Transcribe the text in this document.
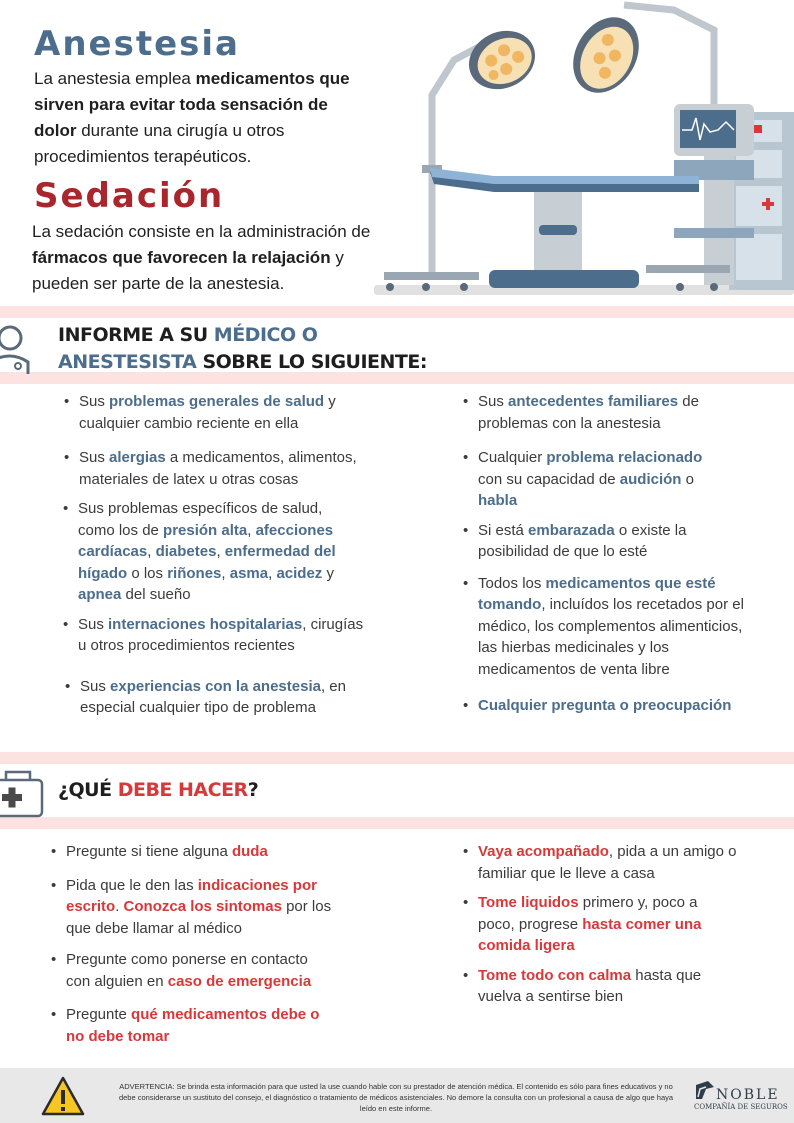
Anestesia
La anestesia emplea medicamentos que sirven para evitar toda sensación de dolor durante una cirugía u otros procedimientos terapéuticos.
Sedación
La sedación consiste en la administración de fármacos que favorecen la relajación y pueden ser parte de la anestesia.
INFORME A SU MÉDICO O
ANESTESISTA SOBRE LO SIGUIENTE:
• Sus problemas generales de salud y cualquier cambio reciente en ella
• Sus alergias a medicamentos, alimentos, materiales de latex u otras cosas
• Sus problemas específicos de salud, como los de presión alta, afecciones cardíacas, diabetes, enfermedad del hígado o los riñones, asma, acidez y apnea del sueño
• Sus internaciones hospitalarias, cirugías u otros procedimientos recientes
• Sus experiencias con la anestesia, en especial cualquier tipo de problema
• Sus antecedentes familiares de problemas con la anestesia
• Cualquier problema relacionado con su capacidad de audición o habla
• Si está embarazada o existe la posibilidad de que lo esté
• Todos los medicamentos que esté tomando, incluídos los recetados por el médico, los complementos alimenticios, las hierbas medicinales y los medicamentos de venta libre
• Cualquier pregunta o preocupación
¿QUÉ DEBE HACER?
• Pregunte si tiene alguna duda
• Pida que le den las indicaciones por escrito. Conozca los sintomas por los que debe llamar al médico
• Pregunte como ponerse en contacto con alguien en caso de emergencia
• Pregunte qué medicamentos debe o no debe tomar
• Vaya acompañado, pida a un amigo o familiar que le lleve a casa
• Tome liquidos primero y, poco a poco, progrese hasta comer una comida ligera
• Tome todo con calma hasta que vuelva a sentirse bien
ADVERTENCIA: Se brinda esta información para que usted la use cuando hable con su prestador de atención médica. El contenido es sólo para fines educativos y no debe considerarse un sustituto del consejo, el diagnóstico o tratamiento de médicos asistenciales. No demore la consulta con un profesional a causa de algo que haya leído en este informe.
NOBLE
COMPAÑÍA DE SEGUROS
